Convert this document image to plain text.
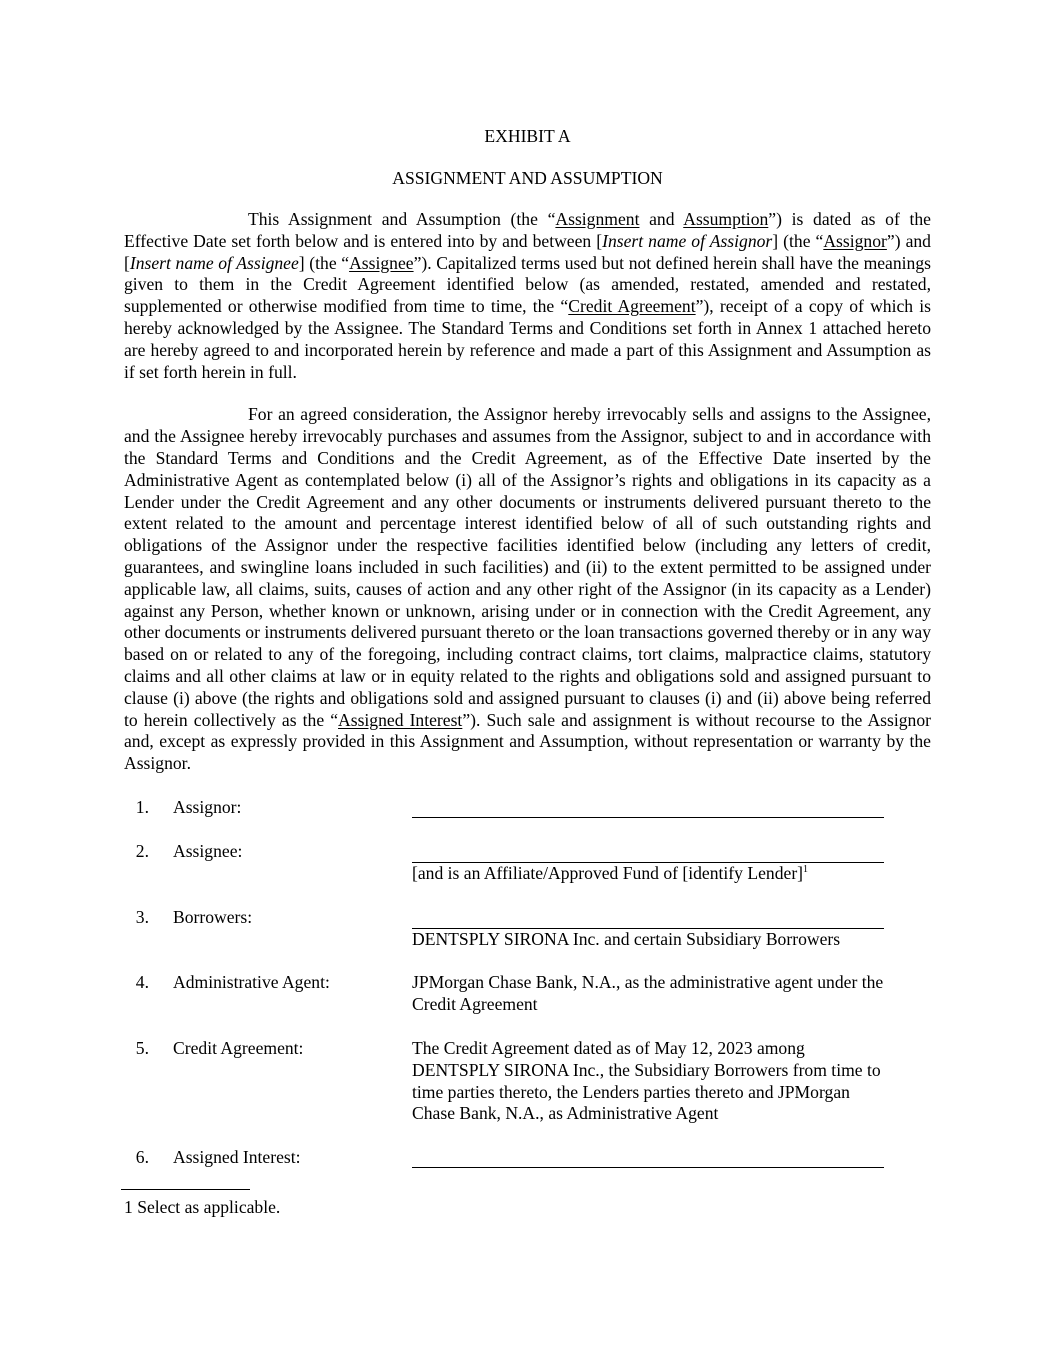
EXHIBIT A
ASSIGNMENT AND ASSUMPTION

This Assignment and Assumption (the “Assignment and Assumption”) is dated as of the Effective Date set forth below and is entered into by and between [Insert name of Assignor] (the “Assignor”) and [Insert name of Assignee] (the “Assignee”). Capitalized terms used but not defined herein shall have the meanings given to them in the Credit Agreement identified below (as amended, restated, amended and restated, supplemented or otherwise modified from time to time, the “Credit Agreement”), receipt of a copy of which is hereby acknowledged by the Assignee. The Standard Terms and Conditions set forth in Annex 1 attached hereto are hereby agreed to and incorporated herein by reference and made a part of this Assignment and Assumption as if set forth herein in full.

For an agreed consideration, the Assignor hereby irrevocably sells and assigns to the Assignee, and the Assignee hereby irrevocably purchases and assumes from the Assignor, subject to and in accordance with the Standard Terms and Conditions and the Credit Agreement, as of the Effective Date inserted by the Administrative Agent as contemplated below (i) all of the Assignor’s rights and obligations in its capacity as a Lender under the Credit Agreement and any other documents or instruments delivered pursuant thereto to the extent related to the amount and percentage interest identified below of all of such outstanding rights and obligations of the Assignor under the respective facilities identified below (including any letters of credit, guarantees, and swingline loans included in such facilities) and (ii) to the extent permitted to be assigned under applicable law, all claims, suits, causes of action and any other right of the Assignor (in its capacity as a Lender) against any Person, whether known or unknown, arising under or in connection with the Credit Agreement, any other documents or instruments delivered pursuant thereto or the loan transactions governed thereby or in any way based on or related to any of the foregoing, including contract claims, tort claims, malpractice claims, statutory claims and all other claims at law or in equity related to the rights and obligations sold and assigned pursuant to clause (i) above (the rights and obligations sold and assigned pursuant to clauses (i) and (ii) above being referred to herein collectively as the “Assigned Interest”). Such sale and assignment is without recourse to the Assignor and, except as expressly provided in this Assignment and Assumption, without representation or warranty by the Assignor.

1.	Assignor:
2.	Assignee:
[and is an Affiliate/Approved Fund of [identify Lender]$^1$
3.	Borrowers:
DENTSPLY SIRONA Inc. and certain Subsidiary Borrowers
4.	Administrative Agent:	JPMorgan Chase Bank, N.A., as the administrative agent under the Credit Agreement
5.	Credit Agreement:	The Credit Agreement dated as of May 12, 2023 among DENTSPLY SIRONA Inc., the Subsidiary Borrowers from time to time parties thereto, the Lenders parties thereto and JPMorgan Chase Bank, N.A., as Administrative Agent
6.	Assigned Interest:
1 Select as applicable.
